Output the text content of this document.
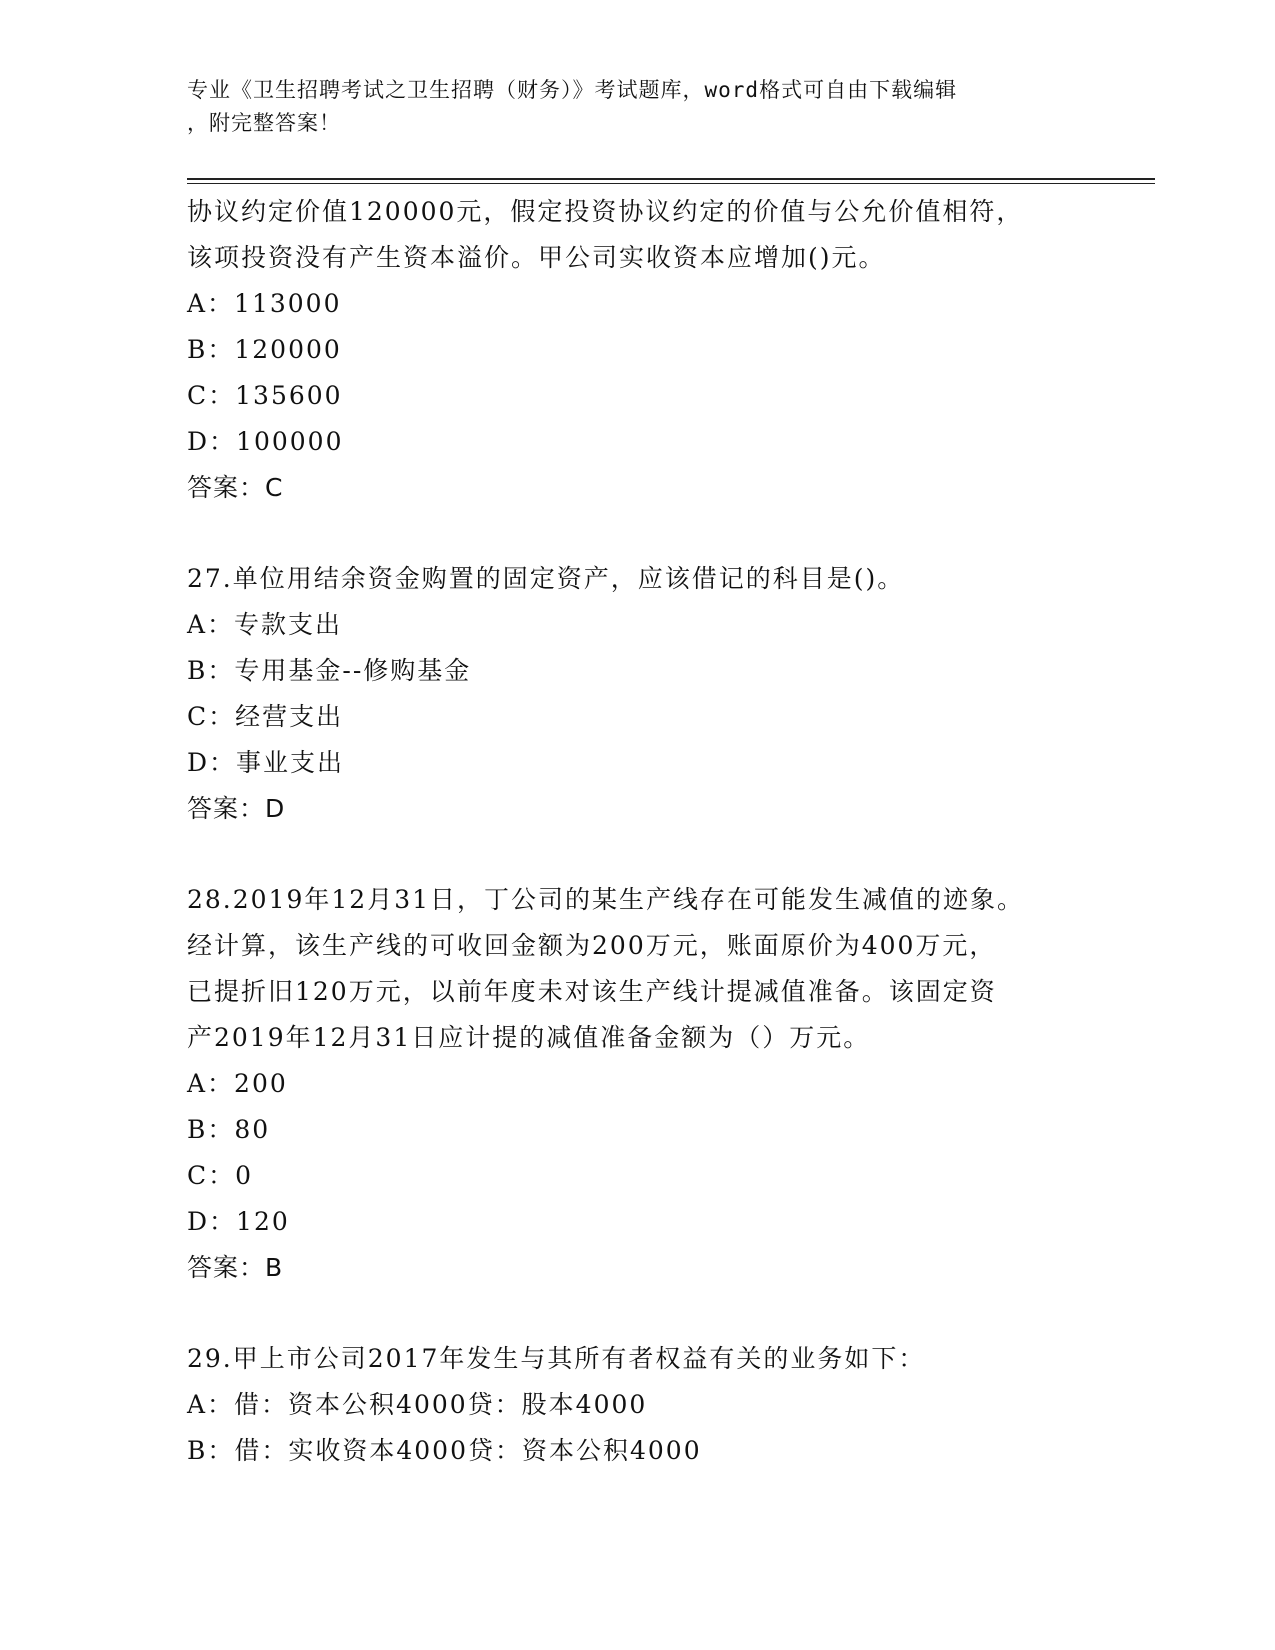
专业《卫生招聘考试之卫生招聘（财务）》考试题库，word格式可自由下载编辑
，附完整答案！
协议约定价值120000元，假定投资协议约定的价值与公允价值相符，
该项投资没有产生资本溢价。甲公司实收资本应增加()元。
A：113000
B：120000
C：135600
D：100000
答案：C
27.单位用结余资金购置的固定资产，应该借记的科目是()。
A：专款支出
B：专用基金--修购基金
C：经营支出
D：事业支出
答案：D
28.2019年12月31日，丁公司的某生产线存在可能发生减值的迹象。
经计算，该生产线的可收回金额为200万元，账面原价为400万元，
已提折旧120万元，以前年度未对该生产线计提减值准备。该固定资
产2019年12月31日应计提的减值准备金额为（）万元。
A：200
B：80
C：0
D：120
答案：B
29.甲上市公司2017年发生与其所有者权益有关的业务如下：
A：借：资本公积4000贷：股本4000
B：借：实收资本4000贷：资本公积4000
